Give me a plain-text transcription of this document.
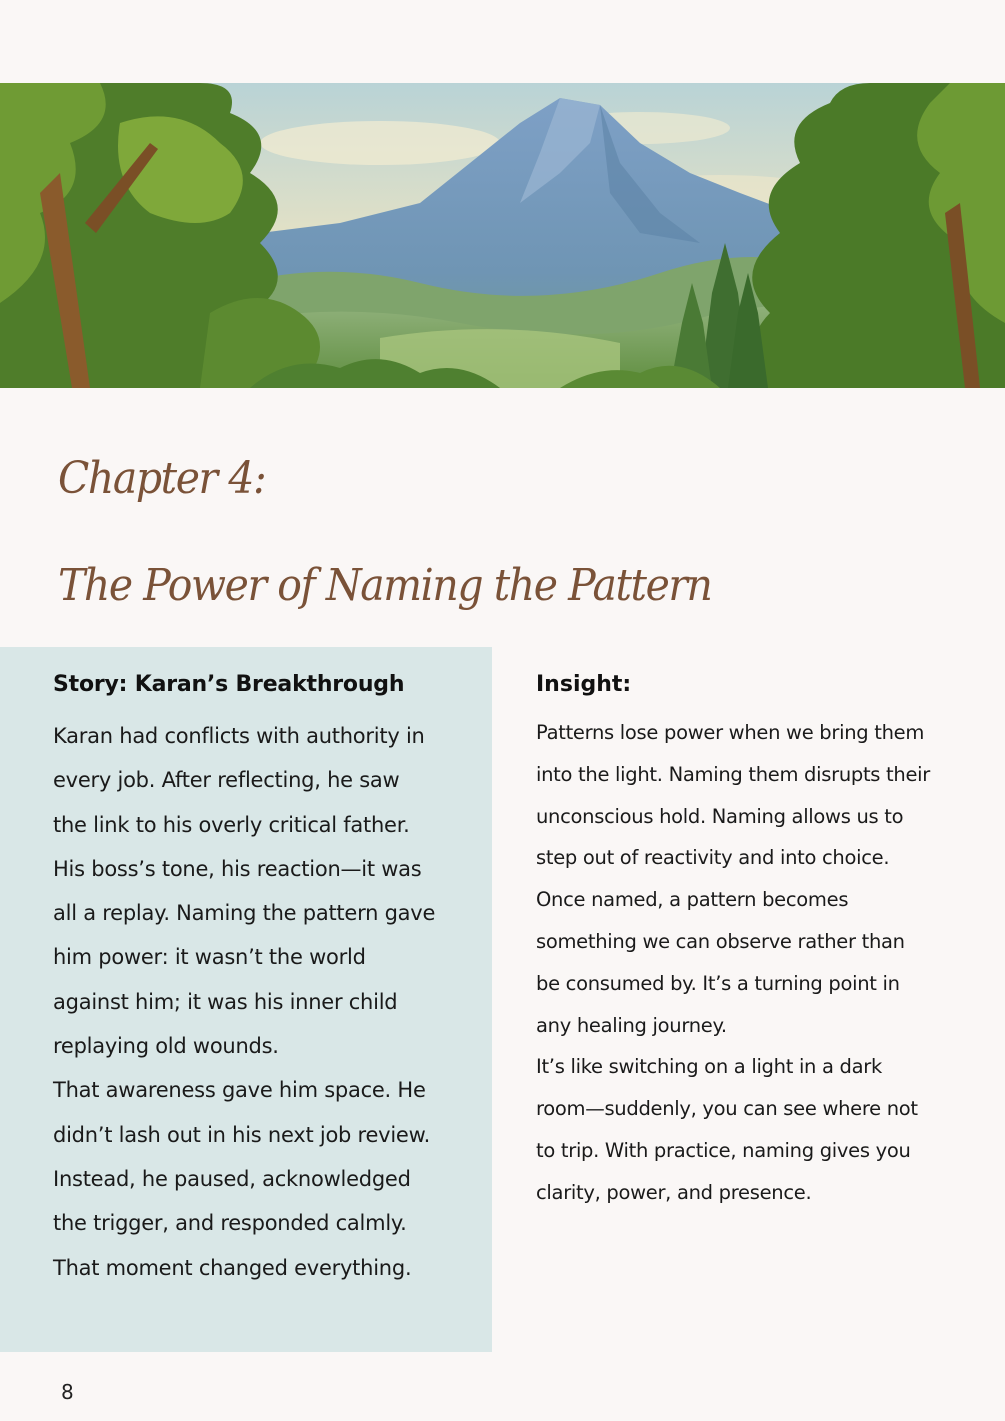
Chapter 4:
The Power of Naming the Pattern
Story: Karan’s Breakthrough
Karan had conflicts with authority in
every job. After reflecting, he saw
the link to his overly critical father.
His boss’s tone, his reaction—it was
all a replay. Naming the pattern gave
him power: it wasn’t the world
against him; it was his inner child
replaying old wounds.
That awareness gave him space. He
didn’t lash out in his next job review.
Instead, he paused, acknowledged
the trigger, and responded calmly.
That moment changed everything.
Insight:
Patterns lose power when we bring them
into the light. Naming them disrupts their
unconscious hold. Naming allows us to
step out of reactivity and into choice.
Once named, a pattern becomes
something we can observe rather than
be consumed by. It’s a turning point in
any healing journey.
It’s like switching on a light in a dark
room—suddenly, you can see where not
to trip. With practice, naming gives you
clarity, power, and presence.
8
